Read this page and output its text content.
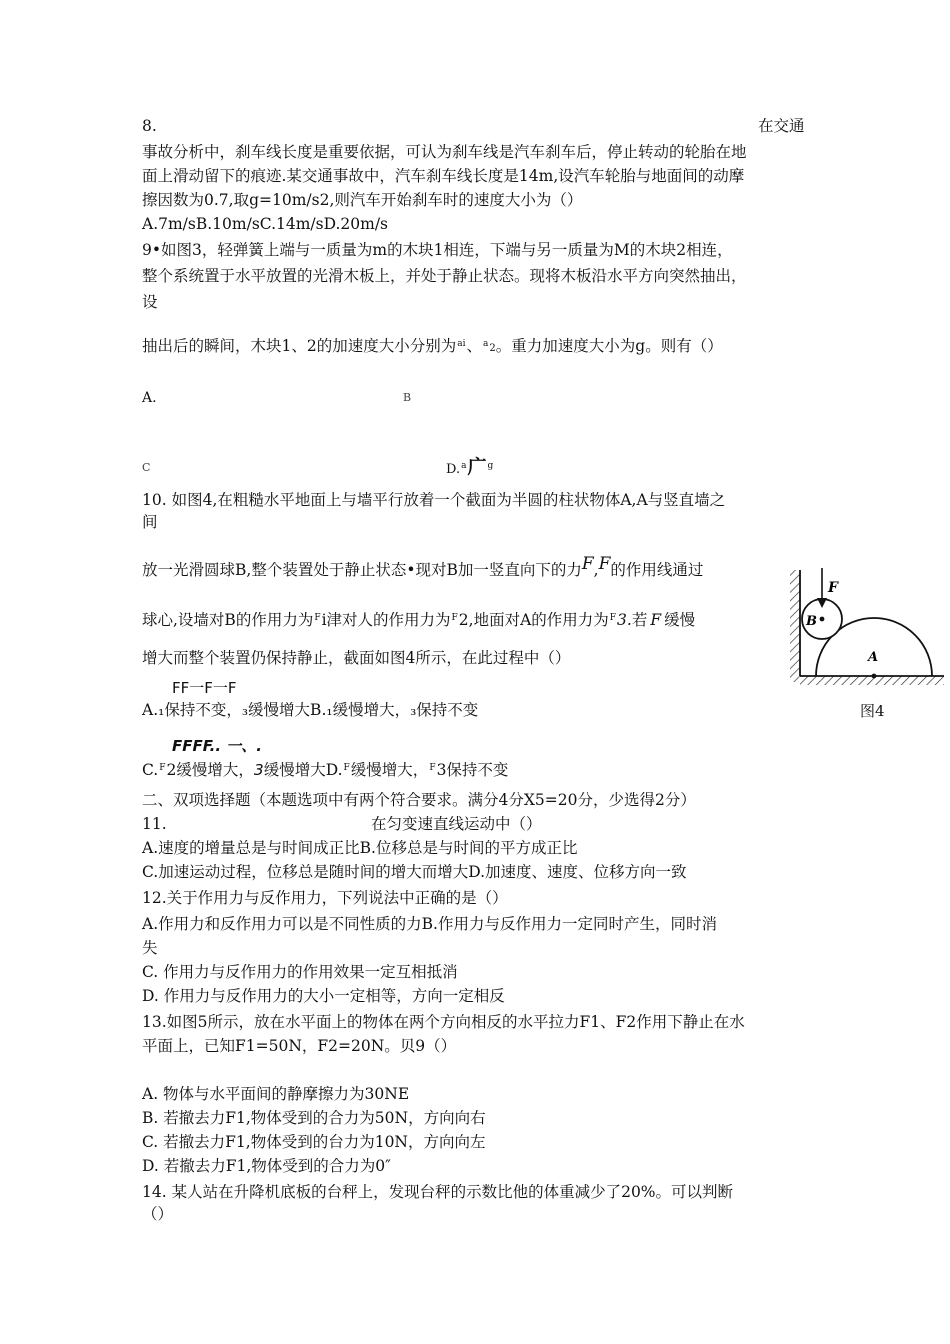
8.	在交通
事故分析中，刹车线长度是重要依据，可认为刹车线是汽车刹车后，停止转动的轮胎在地
面上滑动留下的痕迹.某交通事故中，汽车刹车线长度是14m,设汽车轮胎与地面间的动摩
擦因数为0.7,取g=10m/s2,则汽车开始刹车时的速度大小为（）
A.7m/sB.10m/sC.14m/sD.20m/s
9•如图3，轻弹簧上端与一质量为m的木块1相连，下端与另一质量为M的木块2相连，
整个系统置于水平放置的光滑木板上，并处于静止状态。现将木板沿水平方向突然抽出，
设
抽出后的瞬间，木块1、2的加速度大小分别为$^{ai}$、$^a$2。重力加速度大小为g。则有（）
A.	B
C	D.$^a$广$^g$
10. 如图4,在粗糙水平地面上与墙平行放着一个截面为半圆的柱状物体A,A与竖直墙之
间
放一光滑圆球B,整个装置处于静止状态•现对B加一竖直向下的力F,F的作用线通过
球心,设墙对B的作用力为$^F$i津对人的作用力为$^F$2,地面对A的作用力为$^F$3.若 F 缓慢
增大而整个装置仍保持静止，截面如图4所示，在此过程中（）
FF一F一F
A.₁保持不变，₃缓慢增大B.₁缓慢增大，₃保持不变
FFFF.. 一、.
C.$^F$2缓慢增大，3缓慢增大D.$^F$缓慢增大，$^F$3保持不变
A
B
F
图4
二、双项选择题（本题选项中有两个符合要求。满分4分X5=20分，少选得2分）
11.	在匀变速直线运动中（）
A.速度的增量总是与时间成正比B.位移总是与时间的平方成正比
C.加速运动过程，位移总是随时间的增大而增大D.加速度、速度、位移方向一致
12.关于作用力与反作用力，下列说法中正确的是（）
A.作用力和反作用力可以是不同性质的力B.作用力与反作用力一定同时产生，同时消
失
C. 作用力与反作用力的作用效果一定互相抵消
D. 作用力与反作用力的大小一定相等，方向一定相反
13.如图5所示，放在水平面上的物体在两个方向相反的水平拉力F1、F2作用下静止在水
平面上，已知F1=50N，F2=20N。贝9（）
A. 物体与水平面间的静摩擦力为30NE
B. 若撤去力F1,物体受到的合力为50N，方向向右
C. 若撤去力F1,物体受到的台力为10N，方向向左
D. 若撤去力F1,物体受到的合力为0″
14. 某人站在升降机底板的台秤上，发现台秤的示数比他的体重减少了20%。可以判断
（）
